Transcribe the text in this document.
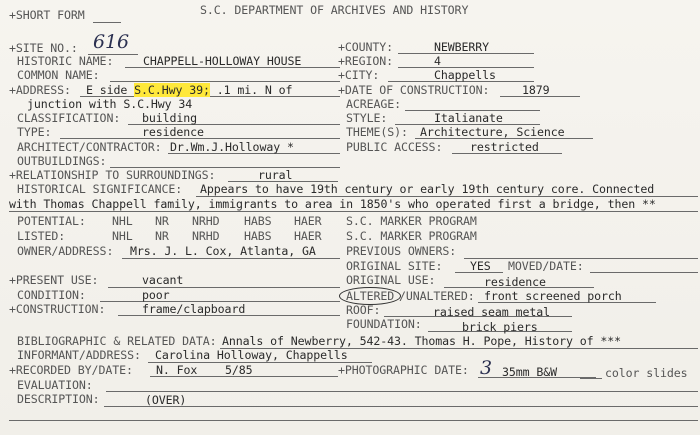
+SHORT FORM	S.C. DEPARTMENT OF ARCHIVES AND HISTORY
+SITE NO.: 616
HISTORIC NAME:	CHAPPELL-HOLLOWAY HOUSE
COMMON NAME:
+ADDRESS: E side S.C.Hwy 39; .1 mi. N of
junction with S.C.Hwy 34
CLASSIFICATION: building
TYPE:	residence
ARCHITECT/CONTRACTOR: Dr.Wm.J.Holloway *
OUTBUILDINGS:
+COUNTY:	NEWBERRY
+REGION:	4
+CITY:	Chappells
+DATE OF CONSTRUCTION:	1879
ACREAGE:
STYLE:	Italianate
THEME(S): Architecture, Science
PUBLIC ACCESS: restricted
+RELATIONSHIP TO SURROUNDINGS:	rural
HISTORICAL SIGNIFICANCE: Appears to have 19th century or early 19th century core. Connected
with Thomas Chappell family, immigrants to area in 1850's who operated first a bridge, then **
POTENTIAL: NHL NR NRHD HABS HAER S.C. MARKER PROGRAM
LISTED:	NHL NR NRHD HABS HAER S.C. MARKER PROGRAM
OWNER/ADDRESS: Mrs. J. L. Cox, Atlanta, GA	PREVIOUS OWNERS:
ORIGINAL SITE: YES MOVED/DATE:
+PRESENT USE:	vacant	ORIGINAL USE:	residence
CONDITION:	poor	ALTERED /UNALTERED: front screened porch
+CONSTRUCTION:	frame/clapboard	ROOF:	raised seam metal
FOUNDATION:	brick piers
BIBLIOGRAPHIC & RELATED DATA: Annals of Newberry, 542-43. Thomas H. Pope, History of ***
INFORMANT/ADDRESS: Carolina Holloway, Chappells
+RECORDED BY/DATE: N. Fox 5/85	+PHOTOGRAPHIC DATE: 3 35mm B&W	color slides
EVALUATION:
DESCRIPTION:	(OVER)
